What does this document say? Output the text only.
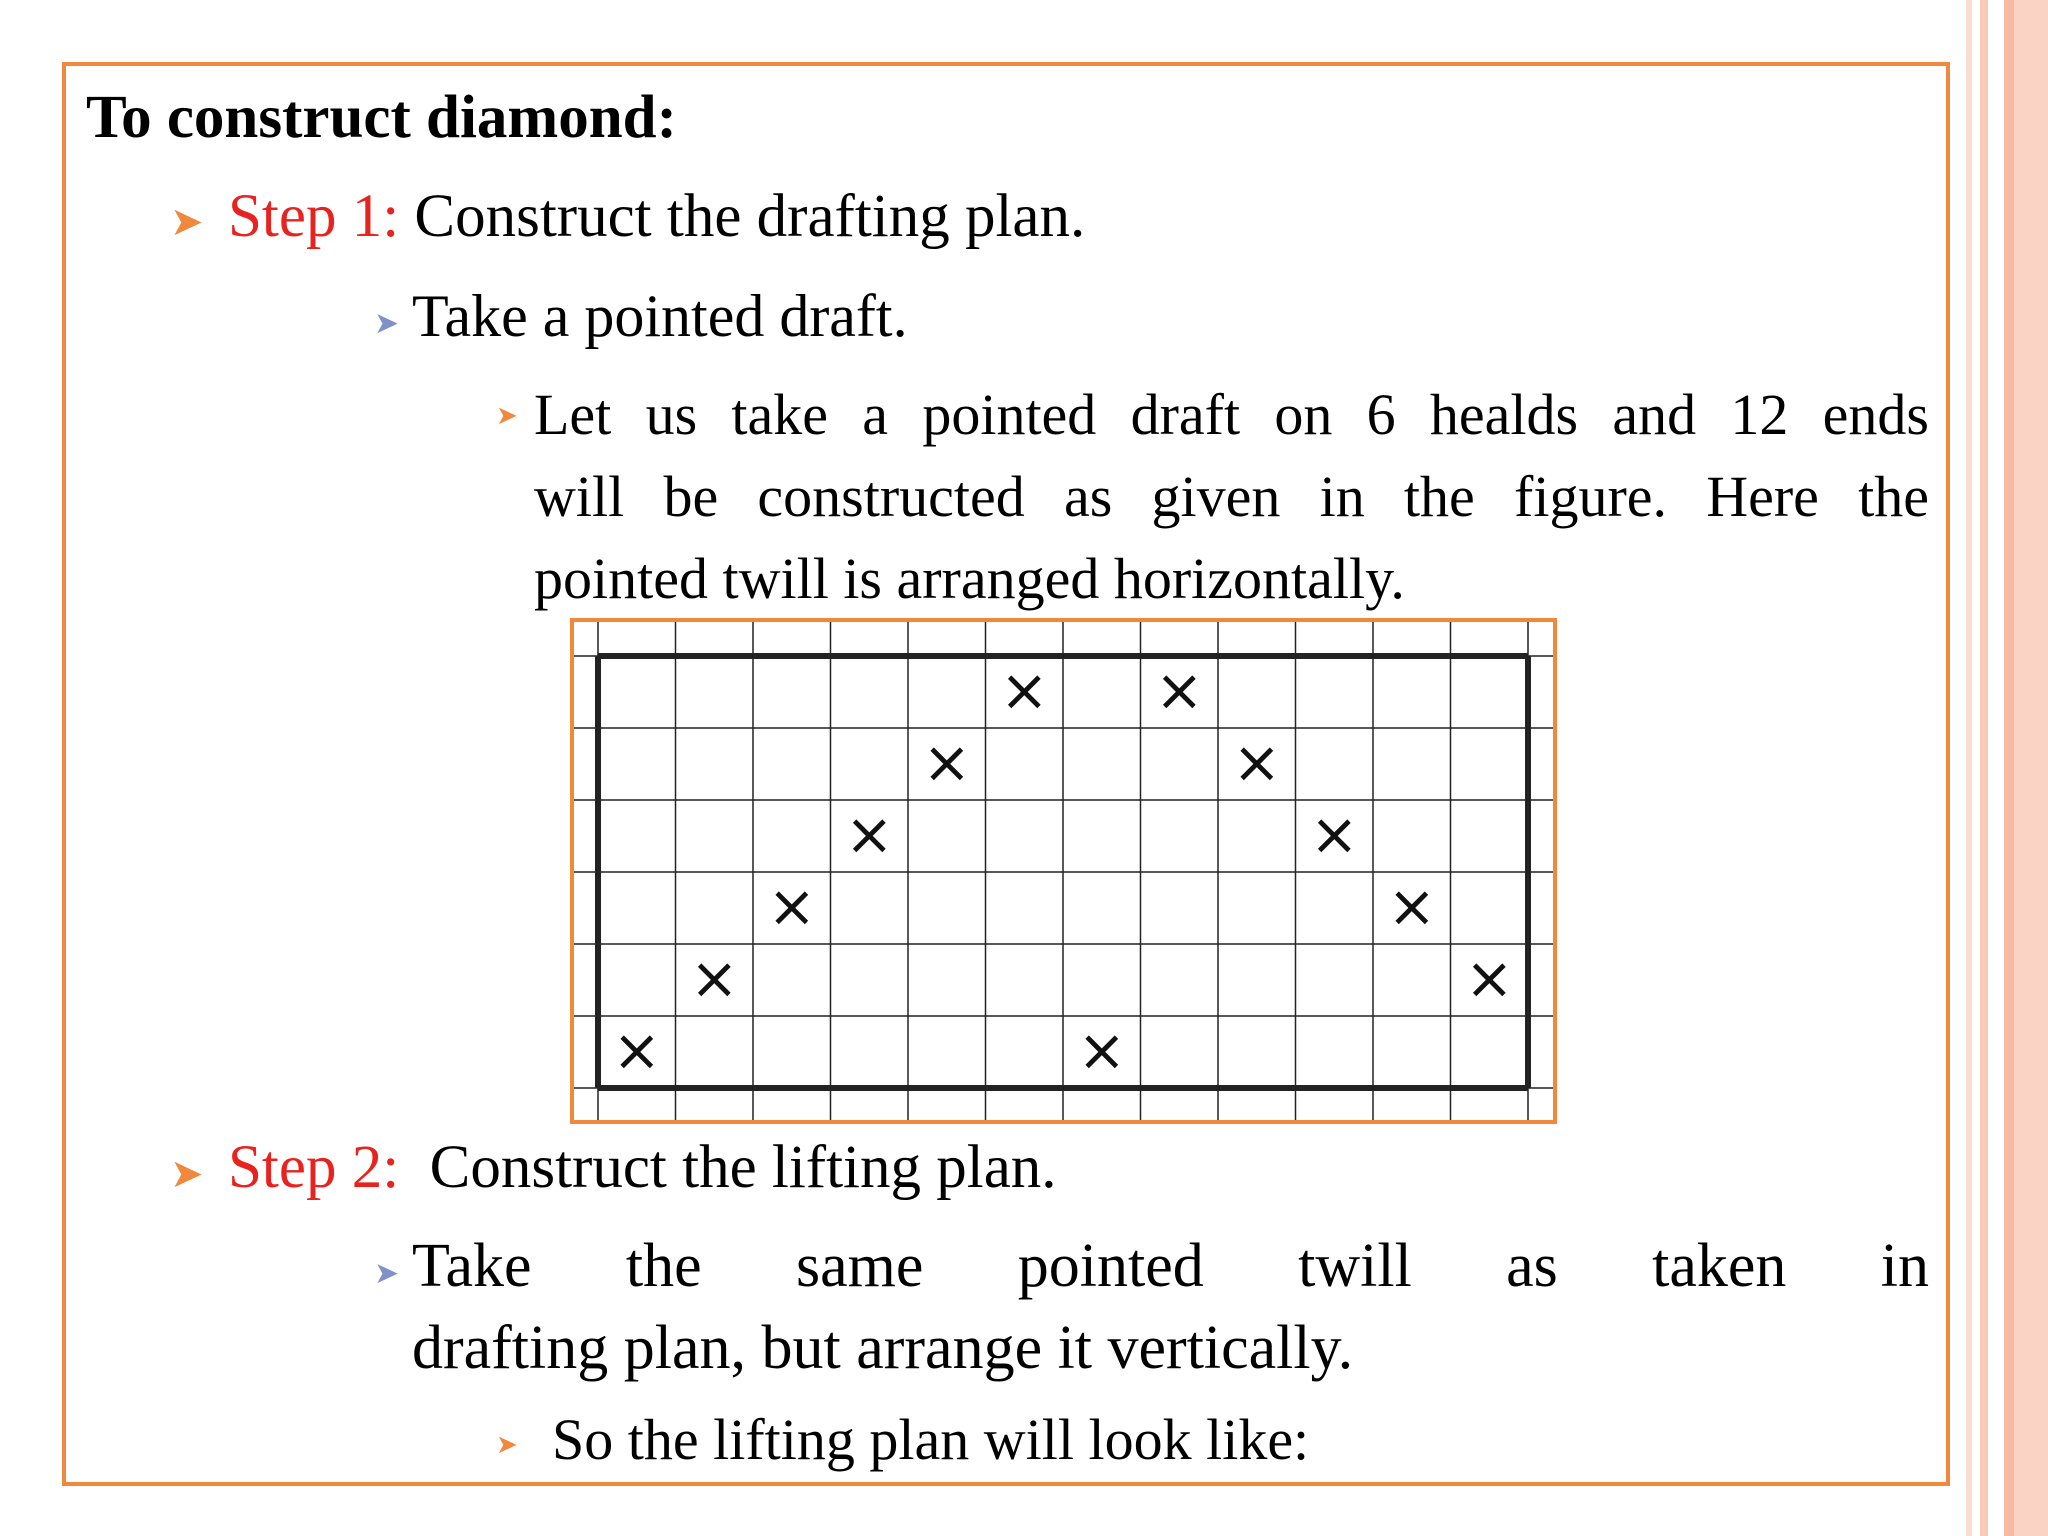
To construct diamond:
➤ Step 1: Construct the drafting plan.
➤ Take a pointed draft.
➤ Let us take a pointed draft on 6 healds and 12 ends
will be constructed as given in the figure. Here the
pointed twill is arranged horizontally.
×
×
×
×
×
×
×
×
×
×
×
×
➤ Step 2: Construct the lifting plan.
➤ Take the same pointed twill as taken in
drafting plan, but arrange it vertically.
➤ So the lifting plan will look like:
